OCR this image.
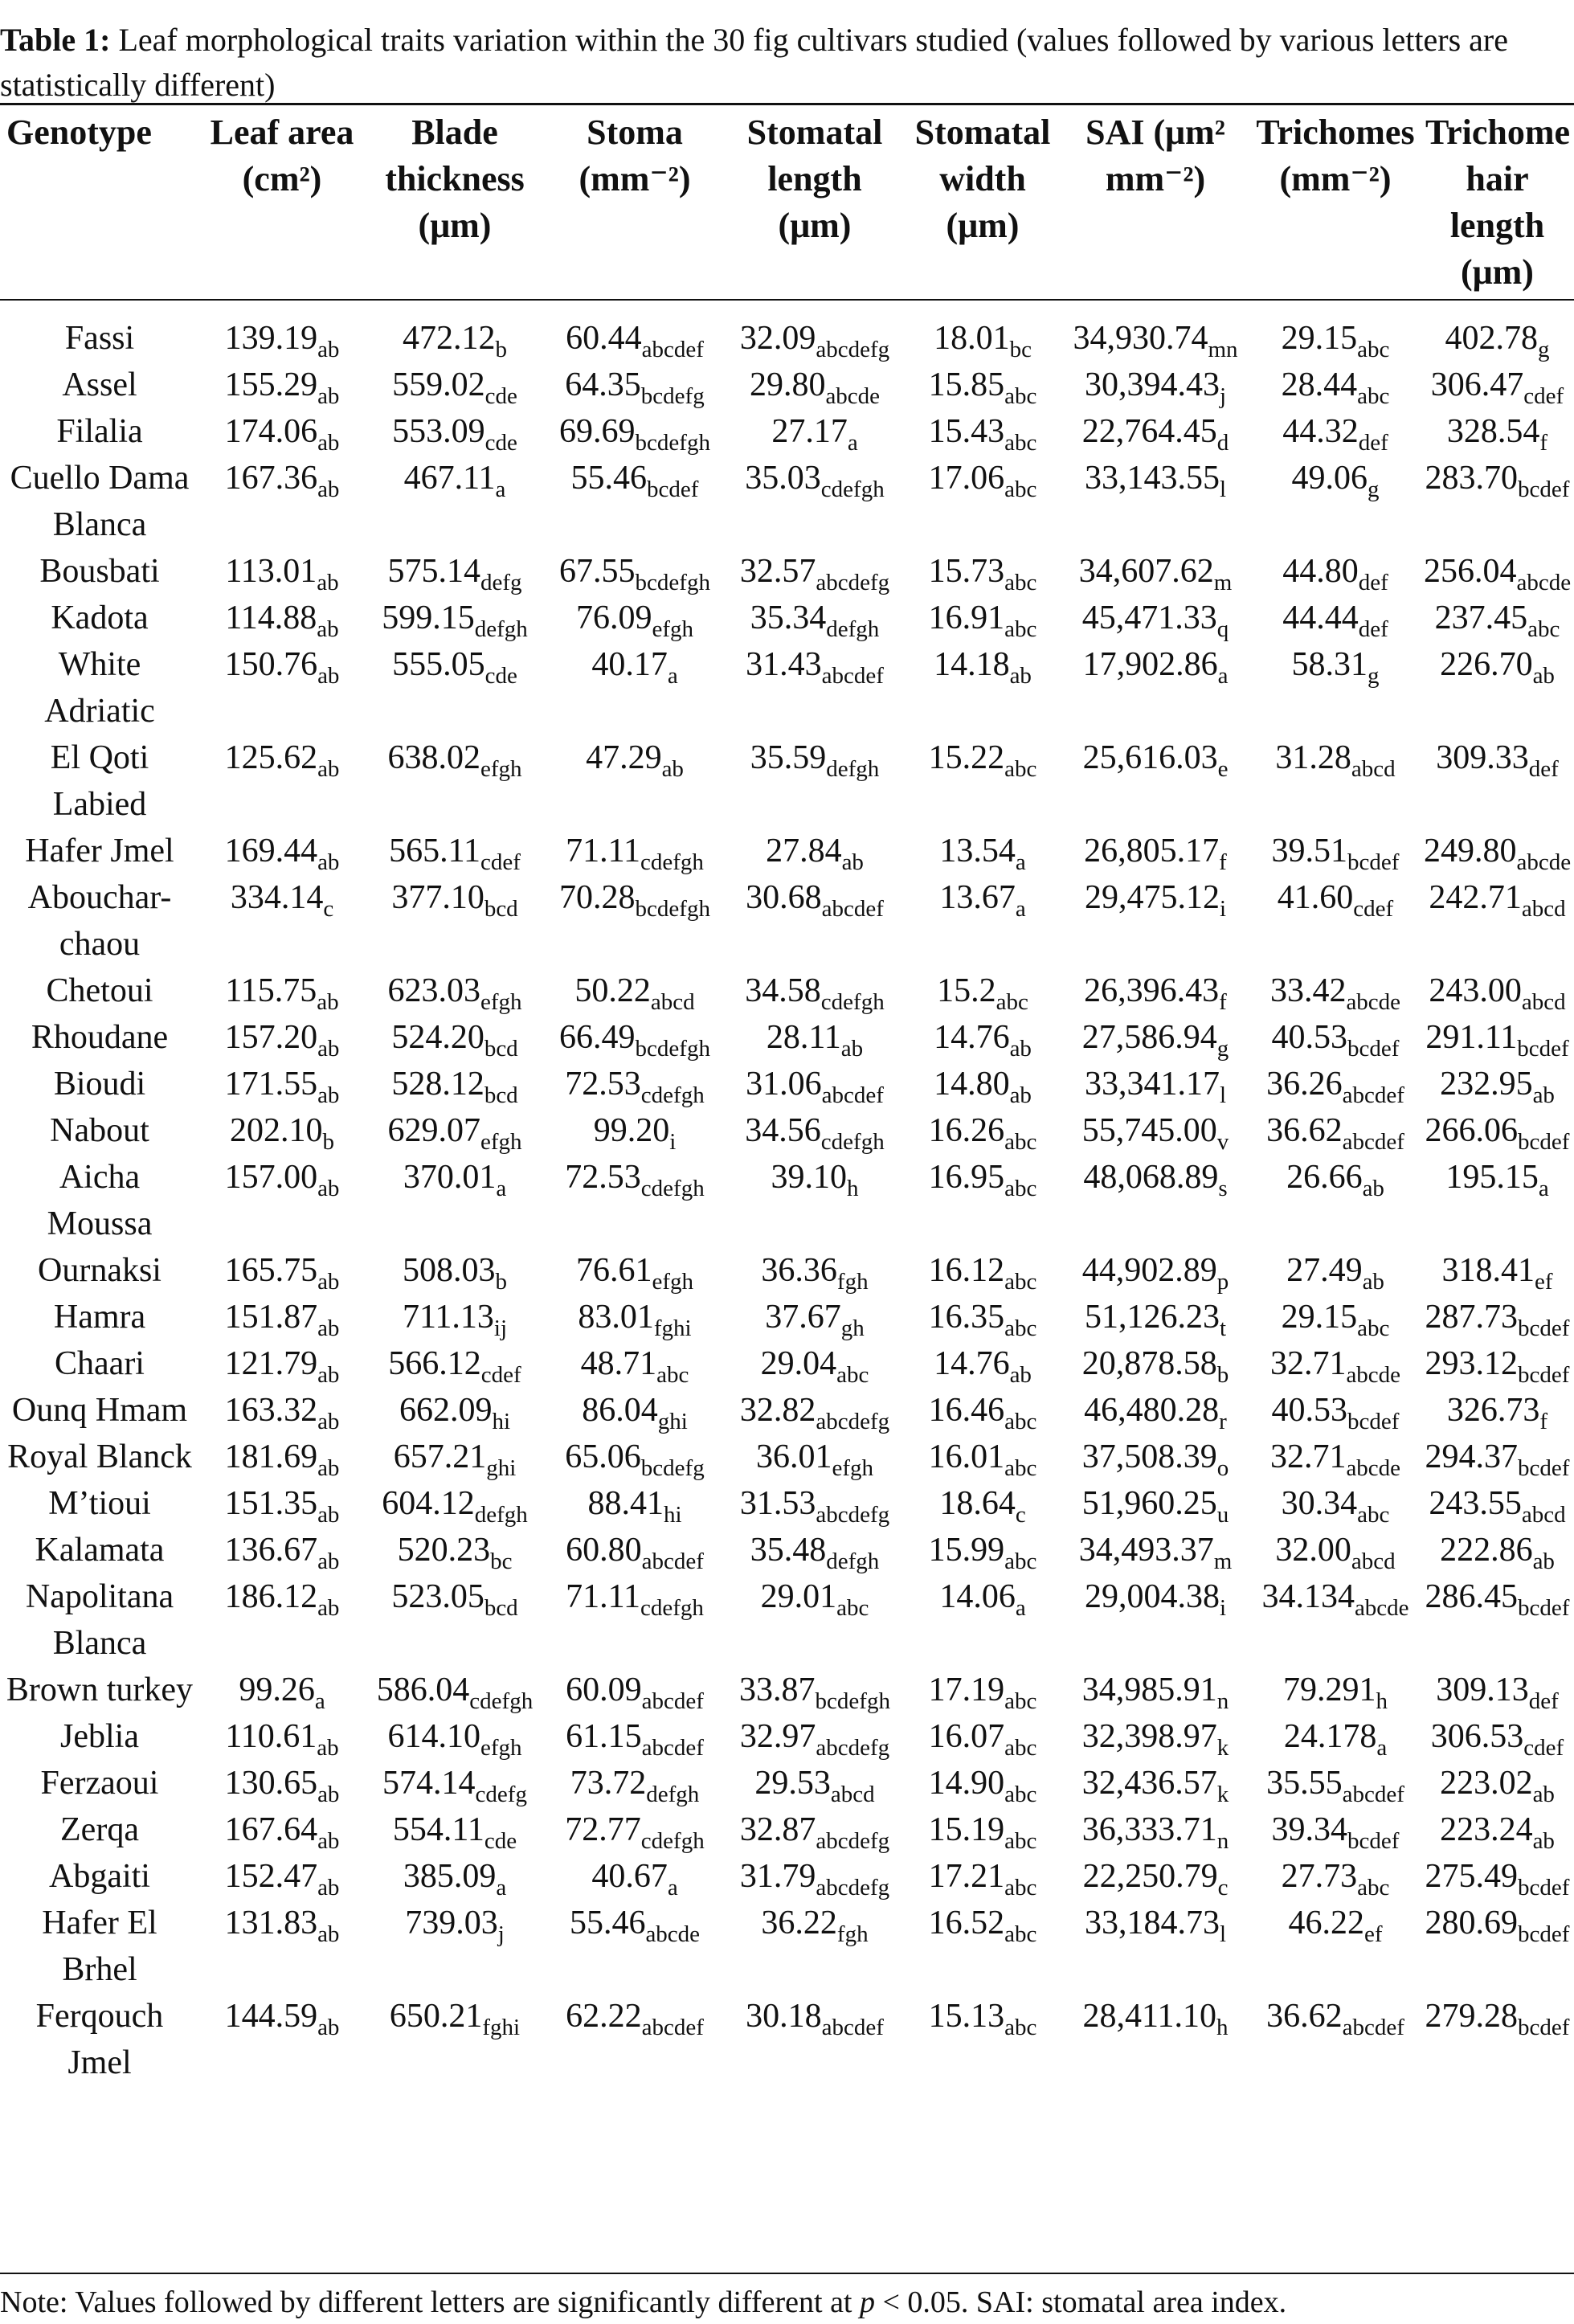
Table 1: Leaf morphological traits variation within the 30 fig cultivars studied (values followed by various letters are statistically different)
Genotype	Leaf area (cm²)	Blade thickness (μm)	Stoma (mm⁻²)	Stomatal length (μm)	Stomatal width (μm)	SAI (μm² mm⁻²)	Trichomes (mm⁻²)	Trichome hair length (μm)
Fassi	$139.19_{ab}$	$472.12_b$	$60.44_{abcdef}$	$32.09_{abcdefg}$	$18.01_{bc}$	$34,930.74_{mn}$	$29.15_{abc}$	$402.78_g$
Assel	$155.29_{ab}$	$559.02_{cde}$	$64.35_{bcdefg}$	$29.80_{abcde}$	$15.85_{abc}$	$30,394.43_j$	$28.44_{abc}$	$306.47_{cdef}$
Filalia	$174.06_{ab}$	$553.09_{cde}$	$69.69_{bcdefgh}$	$27.17_a$	$15.43_{abc}$	$22,764.45_d$	$44.32_{def}$	$328.54_f$
Cuello Dama Blanca	$167.36_{ab}$	$467.11_a$	$55.46_{bcdef}$	$35.03_{cdefgh}$	$17.06_{abc}$	$33,143.55_l$	$49.06_g$	$283.70_{bcdef}$
Bousbati	$113.01_{ab}$	$575.14_{defg}$	$67.55_{bcdefgh}$	$32.57_{abcdefg}$	$15.73_{abc}$	$34,607.62_m$	$44.80_{def}$	$256.04_{abcde}$
Kadota	$114.88_{ab}$	$599.15_{defgh}$	$76.09_{efgh}$	$35.34_{defgh}$	$16.91_{abc}$	$45,471.33_q$	$44.44_{def}$	$237.45_{abc}$
White Adriatic	$150.76_{ab}$	$555.05_{cde}$	$40.17_a$	$31.43_{abcdef}$	$14.18_{ab}$	$17,902.86_a$	$58.31_g$	$226.70_{ab}$
El Qoti Labied	$125.62_{ab}$	$638.02_{efgh}$	$47.29_{ab}$	$35.59_{defgh}$	$15.22_{abc}$	$25,616.03_e$	$31.28_{abcd}$	$309.33_{def}$
Hafer Jmel	$169.44_{ab}$	$565.11_{cdef}$	$71.11_{cdefgh}$	$27.84_{ab}$	$13.54_a$	$26,805.17_f$	$39.51_{bcdef}$	$249.80_{abcde}$
Abouchar-chaou	$334.14_c$	$377.10_{bcd}$	$70.28_{bcdefgh}$	$30.68_{abcdef}$	$13.67_a$	$29,475.12_i$	$41.60_{cdef}$	$242.71_{abcd}$
Chetoui	$115.75_{ab}$	$623.03_{efgh}$	$50.22_{abcd}$	$34.58_{cdefgh}$	$15.2_{abc}$	$26,396.43_f$	$33.42_{abcde}$	$243.00_{abcd}$
Rhoudane	$157.20_{ab}$	$524.20_{bcd}$	$66.49_{bcdefgh}$	$28.11_{ab}$	$14.76_{ab}$	$27,586.94_g$	$40.53_{bcdef}$	$291.11_{bcdef}$
Bioudi	$171.55_{ab}$	$528.12_{bcd}$	$72.53_{cdefgh}$	$31.06_{abcdef}$	$14.80_{ab}$	$33,341.17_l$	$36.26_{abcdef}$	$232.95_{ab}$
Nabout	$202.10_b$	$629.07_{efgh}$	$99.20_i$	$34.56_{cdefgh}$	$16.26_{abc}$	$55,745.00_v$	$36.62_{abcdef}$	$266.06_{bcdef}$
Aicha Moussa	$157.00_{ab}$	$370.01_a$	$72.53_{cdefgh}$	$39.10_h$	$16.95_{abc}$	$48,068.89_s$	$26.66_{ab}$	$195.15_a$
Ournaksi	$165.75_{ab}$	$508.03_b$	$76.61_{efgh}$	$36.36_{fgh}$	$16.12_{abc}$	$44,902.89_p$	$27.49_{ab}$	$318.41_{ef}$
Hamra	$151.87_{ab}$	$711.13_{ij}$	$83.01_{fghi}$	$37.67_{gh}$	$16.35_{abc}$	$51,126.23_t$	$29.15_{abc}$	$287.73_{bcdef}$
Chaari	$121.79_{ab}$	$566.12_{cdef}$	$48.71_{abc}$	$29.04_{abc}$	$14.76_{ab}$	$20,878.58_b$	$32.71_{abcde}$	$293.12_{bcdef}$
Ounq Hmam	$163.32_{ab}$	$662.09_{hi}$	$86.04_{ghi}$	$32.82_{abcdefg}$	$16.46_{abc}$	$46,480.28_r$	$40.53_{bcdef}$	$326.73_f$
Royal Blanck	$181.69_{ab}$	$657.21_{ghi}$	$65.06_{bcdefg}$	$36.01_{efgh}$	$16.01_{abc}$	$37,508.39_o$	$32.71_{abcde}$	$294.37_{bcdef}$
M’tioui	$151.35_{ab}$	$604.12_{defgh}$	$88.41_{hi}$	$31.53_{abcdefg}$	$18.64_c$	$51,960.25_u$	$30.34_{abc}$	$243.55_{abcd}$
Kalamata	$136.67_{ab}$	$520.23_{bc}$	$60.80_{abcdef}$	$35.48_{defgh}$	$15.99_{abc}$	$34,493.37_m$	$32.00_{abcd}$	$222.86_{ab}$
Napolitana Blanca	$186.12_{ab}$	$523.05_{bcd}$	$71.11_{cdefgh}$	$29.01_{abc}$	$14.06_a$	$29,004.38_i$	$34.134_{abcde}$	$286.45_{bcdef}$
Brown turkey	$99.26_a$	$586.04_{cdefgh}$	$60.09_{abcdef}$	$33.87_{bcdefgh}$	$17.19_{abc}$	$34,985.91_n$	$79.291_h$	$309.13_{def}$
Jeblia	$110.61_{ab}$	$614.10_{efgh}$	$61.15_{abcdef}$	$32.97_{abcdefg}$	$16.07_{abc}$	$32,398.97_k$	$24.178_a$	$306.53_{cdef}$
Ferzaoui	$130.65_{ab}$	$574.14_{cdefg}$	$73.72_{defgh}$	$29.53_{abcd}$	$14.90_{abc}$	$32,436.57_k$	$35.55_{abcdef}$	$223.02_{ab}$
Zerqa	$167.64_{ab}$	$554.11_{cde}$	$72.77_{cdefgh}$	$32.87_{abcdefg}$	$15.19_{abc}$	$36,333.71_n$	$39.34_{bcdef}$	$223.24_{ab}$
Abgaiti	$152.47_{ab}$	$385.09_a$	$40.67_a$	$31.79_{abcdefg}$	$17.21_{abc}$	$22,250.79_c$	$27.73_{abc}$	$275.49_{bcdef}$
Hafer El Brhel	$131.83_{ab}$	$739.03_j$	$55.46_{abcde}$	$36.22_{fgh}$	$16.52_{abc}$	$33,184.73_l$	$46.22_{ef}$	$280.69_{bcdef}$
Ferqouch Jmel	$144.59_{ab}$	$650.21_{fghi}$	$62.22_{abcdef}$	$30.18_{abcdef}$	$15.13_{abc}$	$28,411.10_h$	$36.62_{abcdef}$	$279.28_{bcdef}$
Note: Values followed by different letters are significantly different at p < 0.05. SAI: stomatal area index.
